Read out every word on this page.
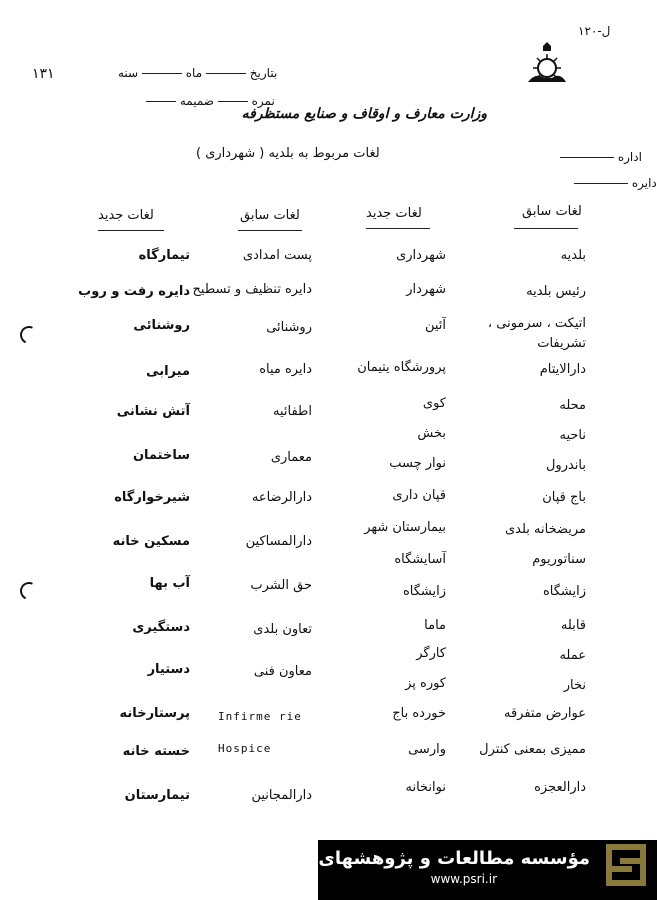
ل-۱۲۰
۱۳۱	بتاریخ  ماه  سنه
نمره  ضمیمه
وزارت معارف و اوقاف و صنایع مستظرفه
اداره
دایره
لغات مربوط به بلدیه ( شهرداری )
لغات سابق
لغات جدید
لغات سابق
لغات جدید
بلدیه
رئیس بلدیه
اتیکت ، سرمونی ، تشریفات
دارالایتام
محله
ناحیه
باندرول
باج قپان
مریضخانه بلدی
سناتوریوم
زایشگاه
قابله
عمله
نخار
عوارض متفرقه
ممیزی بمعنی کنترل
دارالعجزه
شهرداری
شهردار
آئین
پرورشگاه یتیمان
کوی
بخش
نوار چسب
قپان داری
بیمارستان شهر
آسایشگاه
زایشگاه
ماما
کارگر
کوره پز
خورده باج
وارسی
نوانخانه
پست امدادی
دایره تنظیف و تسطیح
روشنائی
دایره میاه
اطفائیه
معماری
دارالرضاعه
دارالمساکین
حق الشرب
تعاون بلدی
معاون فنی
Infirme rie
Hospice
دارالمجانین
تیمارگاه
دایره رفت و روب
روشنائی
میرابی
آتش نشانی
ساختمان
شیرخوارگاه
مسکین خانه
آب بها
دستگیری
دستیار
پرستارخانه
خسته خانه
تیمارستان
مؤسسه مطالعات و پژوهشهای سیاسی
www.psri.ir
